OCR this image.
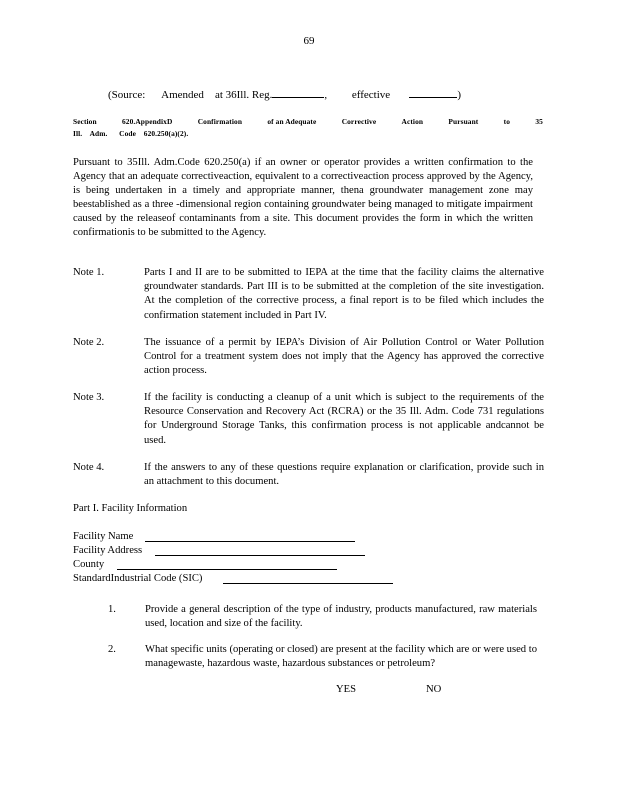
69
(Source: Amended at 36Ill. Reg.	,         effective	)
Section	620.AppendixD	Confirmation	of an Adequate	Corrective	Action	Pursuant	to	35
Ill. Adm. Code 620.250(a)(2).
Pursuant to 35Ill. Adm.Code 620.250(a) if an owner or operator provides a written confirmation to the Agency that an adequate correctiveaction, equivalent to a correctiveaction process approved by the Agency, is being undertaken in a timely and appropriate manner, thena groundwater management zone may beestablished as a three -dimensional region containing groundwater being managed to mitigate impairment caused by the releaseof contaminants from a site. This document provides the form in which the written confirmationis to be submitted to the Agency.
Note 1.	Parts I and II are to be submitted to IEPA at the time that the facility claims the alternative groundwater standards. Part III is to be submitted at the completion of the site investigation. At the completion of the corrective process, a final report is to be filed which includes the confirmation statement included in Part IV.
Note 2.	The issuance of a permit by IEPA’s Division of Air Pollution Control or Water Pollution Control for a treatment system does not imply that the Agency has approved the corrective action process.
Note 3.	If the facility is conducting a cleanup of a unit which is subject to the requirements of the Resource Conservation and Recovery Act (RCRA) or the 35 Ill. Adm. Code 731 regulations for Underground Storage Tanks, this confirmation process is not applicable andcannot be used.
Note 4.	If the answers to any of these questions require explanation or clarification, provide such in an attachment to this document.
Part I. Facility Information
Facility Name
Facility Address
County
StandardIndustrial Code (SIC)
1.	Provide a general description of the type of industry, products manufactured, raw materials used, location and size of the facility.
2.	What specific units (operating or closed) are present at the facility which are or were used to managewaste, hazardous waste, hazardous substances or petroleum?
YES	NO
